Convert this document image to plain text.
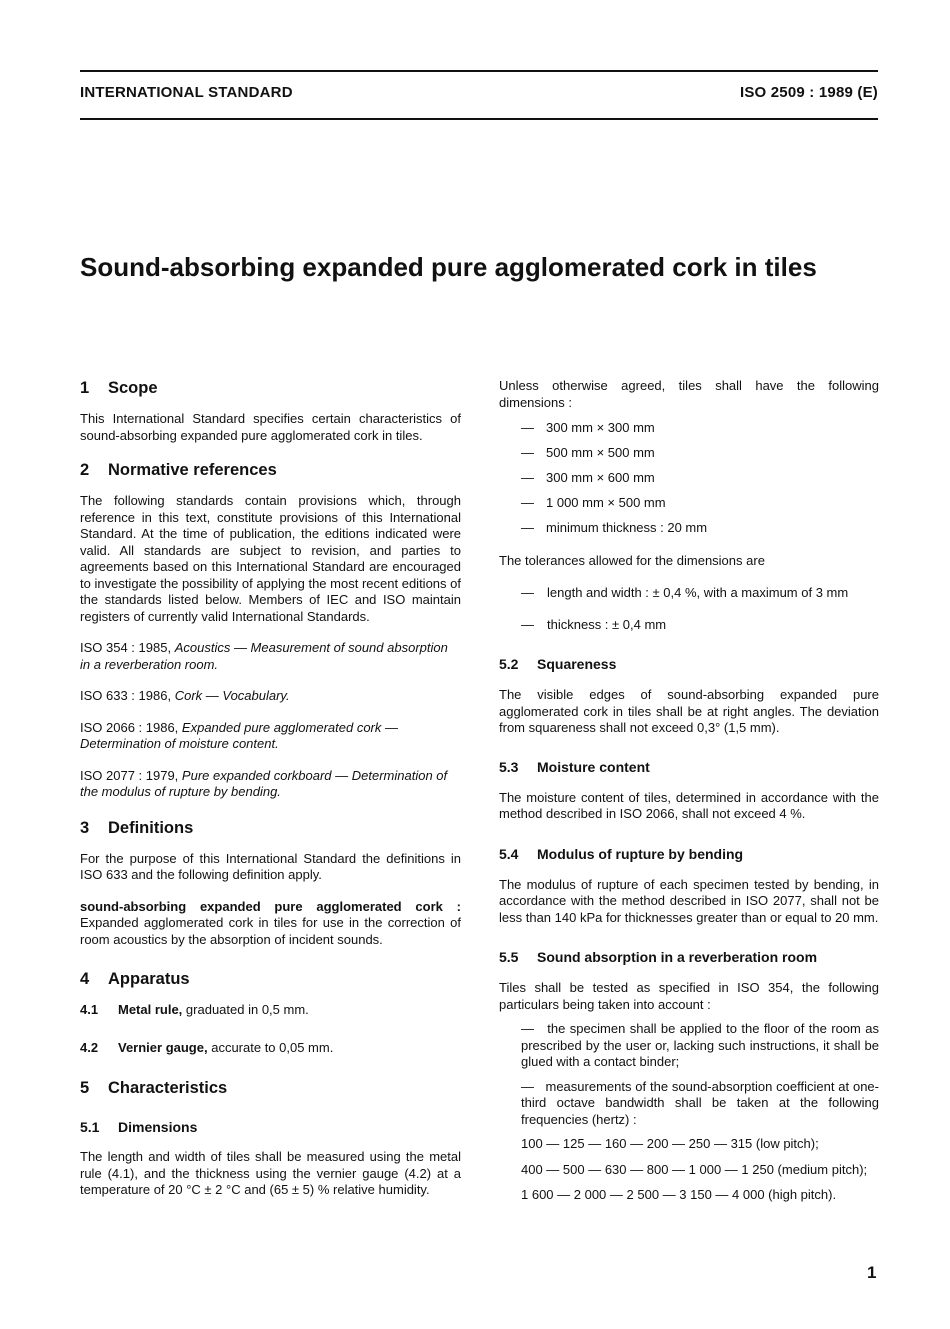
INTERNATIONAL STANDARD	ISO 2509 : 1989 (E)
Sound-absorbing expanded pure agglomerated cork in tiles
1 Scope

This International Standard specifies certain characteristics of sound-absorbing expanded pure agglomerated cork in tiles.

2 Normative references

The following standards contain provisions which, through reference in this text, constitute provisions of this International Standard. At the time of publication, the editions indicated were valid. All standards are subject to revision, and parties to agreements based on this International Standard are encouraged to investigate the possibility of applying the most recent editions of the standards listed below. Members of IEC and ISO maintain registers of currently valid International Standards.

ISO 354 : 1985, Acoustics — Measurement of sound absorption in a reverberation room.

ISO 633 : 1986, Cork — Vocabulary.

ISO 2066 : 1986, Expanded pure agglomerated cork — Determination of moisture content.

ISO 2077 : 1979, Pure expanded corkboard — Determination of the modulus of rupture by bending.

3 Definitions

For the purpose of this International Standard the definitions in ISO 633 and the following definition apply.

sound-absorbing expanded pure agglomerated cork : Expanded agglomerated cork in tiles for use in the correction of room acoustics by the absorption of incident sounds.

4 Apparatus

4.1 Metal rule, graduated in 0,5 mm.

4.2 Vernier gauge, accurate to 0,05 mm.

5 Characteristics
5.1 Dimensions

The length and width of tiles shall be measured using the metal rule (4.1), and the thickness using the vernier gauge (4.2) at a temperature of 20 °C ± 2 °C and (65 ± 5) % relative humidity.

Unless otherwise agreed, tiles shall have the following dimensions :

— 300 mm × 300 mm
— 500 mm × 500 mm
— 300 mm × 600 mm
— 1 000 mm × 500 mm
— minimum thickness : 20 mm

The tolerances allowed for the dimensions are

— length and width : ± 0,4 %, with a maximum of 3 mm
— thickness : ± 0,4 mm
5.2 Squareness

The visible edges of sound-absorbing expanded pure agglomerated cork in tiles shall be at right angles. The deviation from squareness shall not exceed 0,3° (1,5 mm).

5.3 Moisture content

The moisture content of tiles, determined in accordance with the method described in ISO 2066, shall not exceed 4 %.

5.4 Modulus of rupture by bending

The modulus of rupture of each specimen tested by bending, in accordance with the method described in ISO 2077, shall not be less than 140 kPa for thicknesses greater than or equal to 20 mm.

5.5 Sound absorption in a reverberation room

Tiles shall be tested as specified in ISO 354, the following particulars being taken into account :

— the specimen shall be applied to the floor of the room as prescribed by the user or, lacking such instructions, it shall be glued with a contact binder;

— measurements of the sound-absorption coefficient at one-third octave bandwidth shall be taken at the following frequencies (hertz) :

100 — 125 — 160 — 200 — 250 — 315 (low pitch);

400 — 500 — 630 — 800 — 1 000 — 1 250 (medium pitch);

1 600 — 2 000 — 2 500 — 3 150 — 4 000 (high pitch).

1
